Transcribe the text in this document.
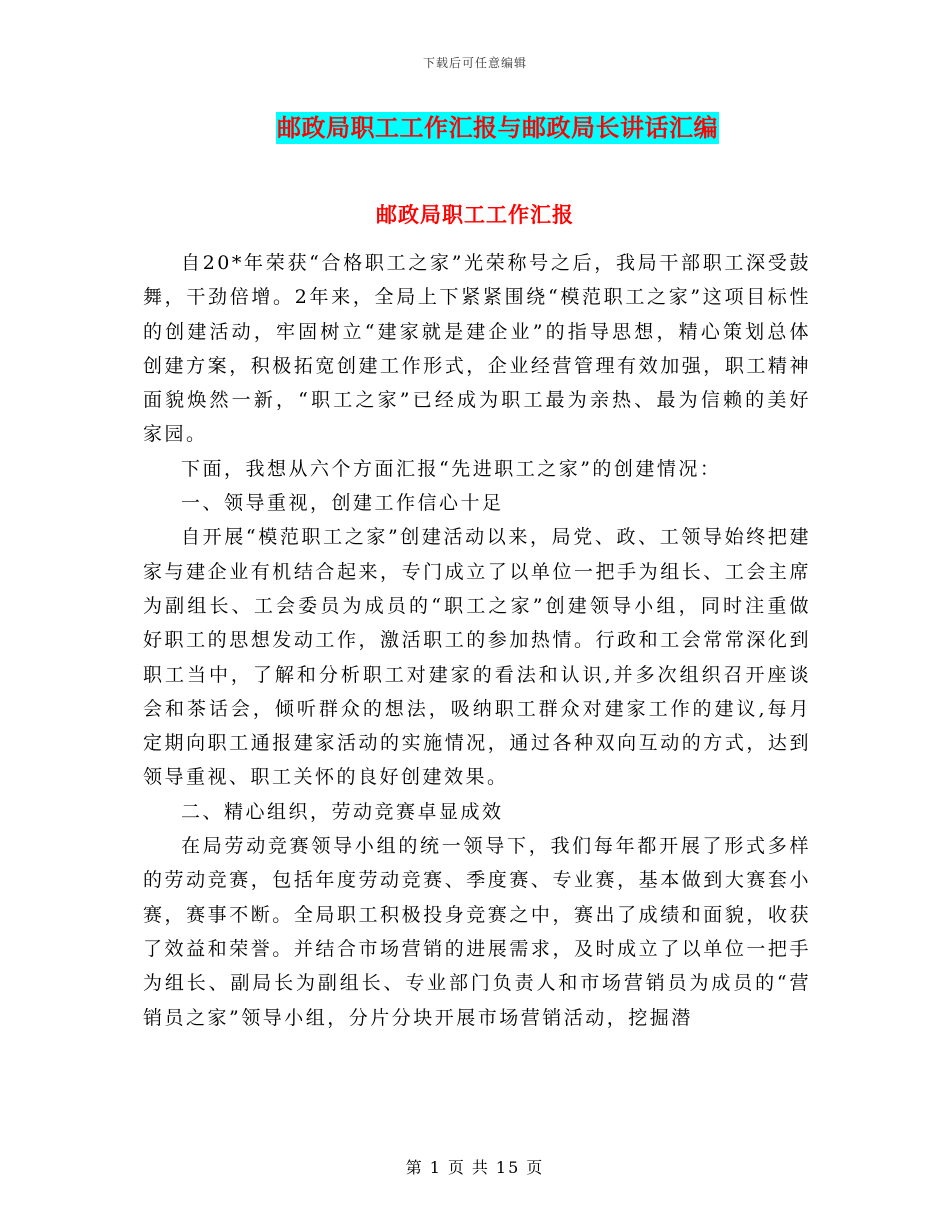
下载后可任意编辑
邮政局职工工作汇报与邮政局长讲话汇编
邮政局职工工作汇报

自20*年荣获“合格职工之家”光荣称号之后，我局干部职工深受鼓舞，干劲倍增。2年来，全局上下紧紧围绕“模范职工之家”这项目标性的创建活动，牢固树立“建家就是建企业”的指导思想，精心策划总体创建方案，积极拓宽创建工作形式，企业经营管理有效加强，职工精神面貌焕然一新，“职工之家”已经成为职工最为亲热、最为信赖的美好家园。

下面，我想从六个方面汇报“先进职工之家”的创建情况：

一、领导重视，创建工作信心十足

自开展“模范职工之家”创建活动以来，局党、政、工领导始终把建家与建企业有机结合起来，专门成立了以单位一把手为组长、工会主席为副组长、工会委员为成员的“职工之家”创建领导小组，同时注重做好职工的思想发动工作，激活职工的参加热情。行政和工会常常深化到职工当中，了解和分析职工对建家的看法和认识,并多次组织召开座谈会和茶话会，倾听群众的想法，吸纳职工群众对建家工作的建议,每月定期向职工通报建家活动的实施情况，通过各种双向互动的方式，达到领导重视、职工关怀的良好创建效果。

二、精心组织，劳动竞赛卓显成效

在局劳动竞赛领导小组的统一领导下，我们每年都开展了形式多样的劳动竞赛，包括年度劳动竞赛、季度赛、专业赛，基本做到大赛套小赛，赛事不断。全局职工积极投身竞赛之中，赛出了成绩和面貌，收获了效益和荣誉。并结合市场营销的进展需求，及时成立了以单位一把手为组长、副局长为副组长、专业部门负责人和市场营销员为成员的“营销员之家”领导小组，分片分块开展市场营销活动，挖掘潜

第 1 页 共 15 页
